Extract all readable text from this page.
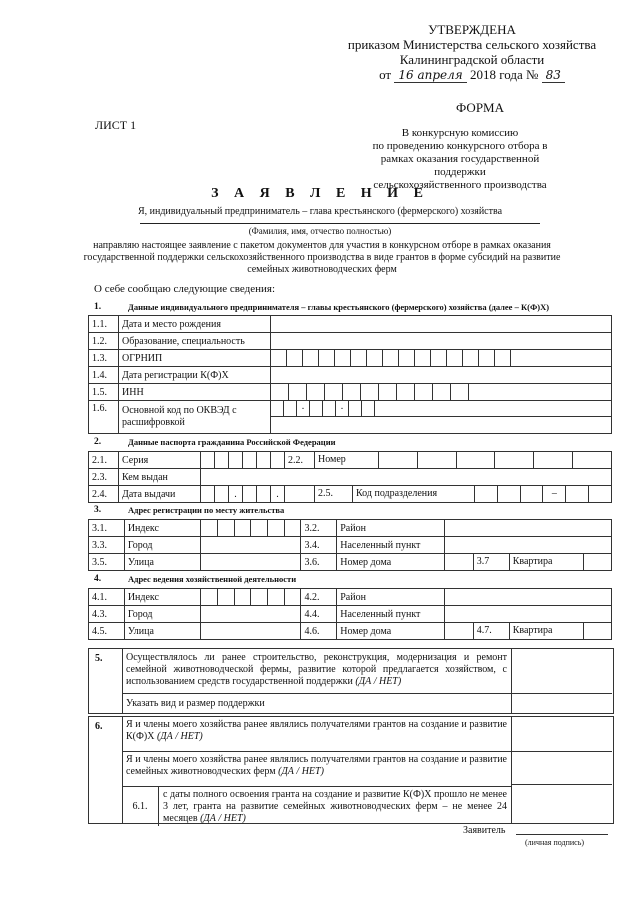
УТВЕРЖДЕНА
приказом Министерства сельского хозяйства
Калининградской области
от 16 апреля 2018 года № 83
ФОРМА
ЛИСТ 1
В конкурсную комиссию
по проведению конкурсного отбора в
рамках оказания государственной поддержки
сельскохозяйственного производства
З А Я В Л Е Н И Е
Я, индивидуальный предприниматель – глава крестьянского (фермерского) хозяйства
(Фамилия, имя, отчество полностью)
направляю настоящее заявление с пакетом документов для участия в конкурсном отборе в рамках оказания государственной поддержки сельскохозяйственного производства в виде грантов в форме субсидий на развитие семейных животноводческих ферм
О себе сообщаю следующие сведения:
1.	Данные индивидуального предпринимателя – главы крестьянского (фермерского) хозяйства (далее – К(Ф)Х)
1.1.	Дата и место рождения	
1.2.	Образование, специальность	
1.3.	ОГРНИП	

1.4.	Дата регистрации К(Ф)Х	
1.5.	ИНН	

1.6.	Основной код по ОКВЭД с расшифровкой	
.	.
2.	Данные паспорта гражданина Российской Федерации
2.1.	Серия							2.2.	Номер

2.3.	Кем выдан								
2.4.	Дата выдачи			.			.		2.5. Код подразделения –
3.	Адрес регистрации по месту жительства
3.1.	Индекс							3.2.	Район	
3.3.	Город							3.4.	Населенный пункт	
3.5.	Улица							3.6.	Номер дома	3.7 Квартира
4.	Адрес ведения хозяйственной деятельности
4.1.	Индекс							4.2.	Район	
4.3.	Город							4.4.	Населенный пункт	
4.5.	Улица							4.6.	Номер дома	4.7. Квартира
5.	Осуществлялось ли ранее строительство, реконструкция, модернизация и ремонт семейной животноводческой фермы, развитие которой предлагается хозяйством, с использованием средств государственной поддержки (ДА / НЕТ)
Указать вид и размер поддержки
6.	Я и члены моего хозяйства ранее являлись получателями грантов на создание и развитие К(Ф)Х (ДА / НЕТ)
Я и члены моего хозяйства ранее являлись получателями грантов на создание и развитие семейных животноводческих ферм (ДА / НЕТ)
6.1.
с даты полного освоения гранта на создание и развитие К(Ф)Х прошло не менее 3 лет, гранта на развитие семейных животноводческих ферм – не менее 24 месяцев (ДА / НЕТ)
Заявитель
(личная подпись)
